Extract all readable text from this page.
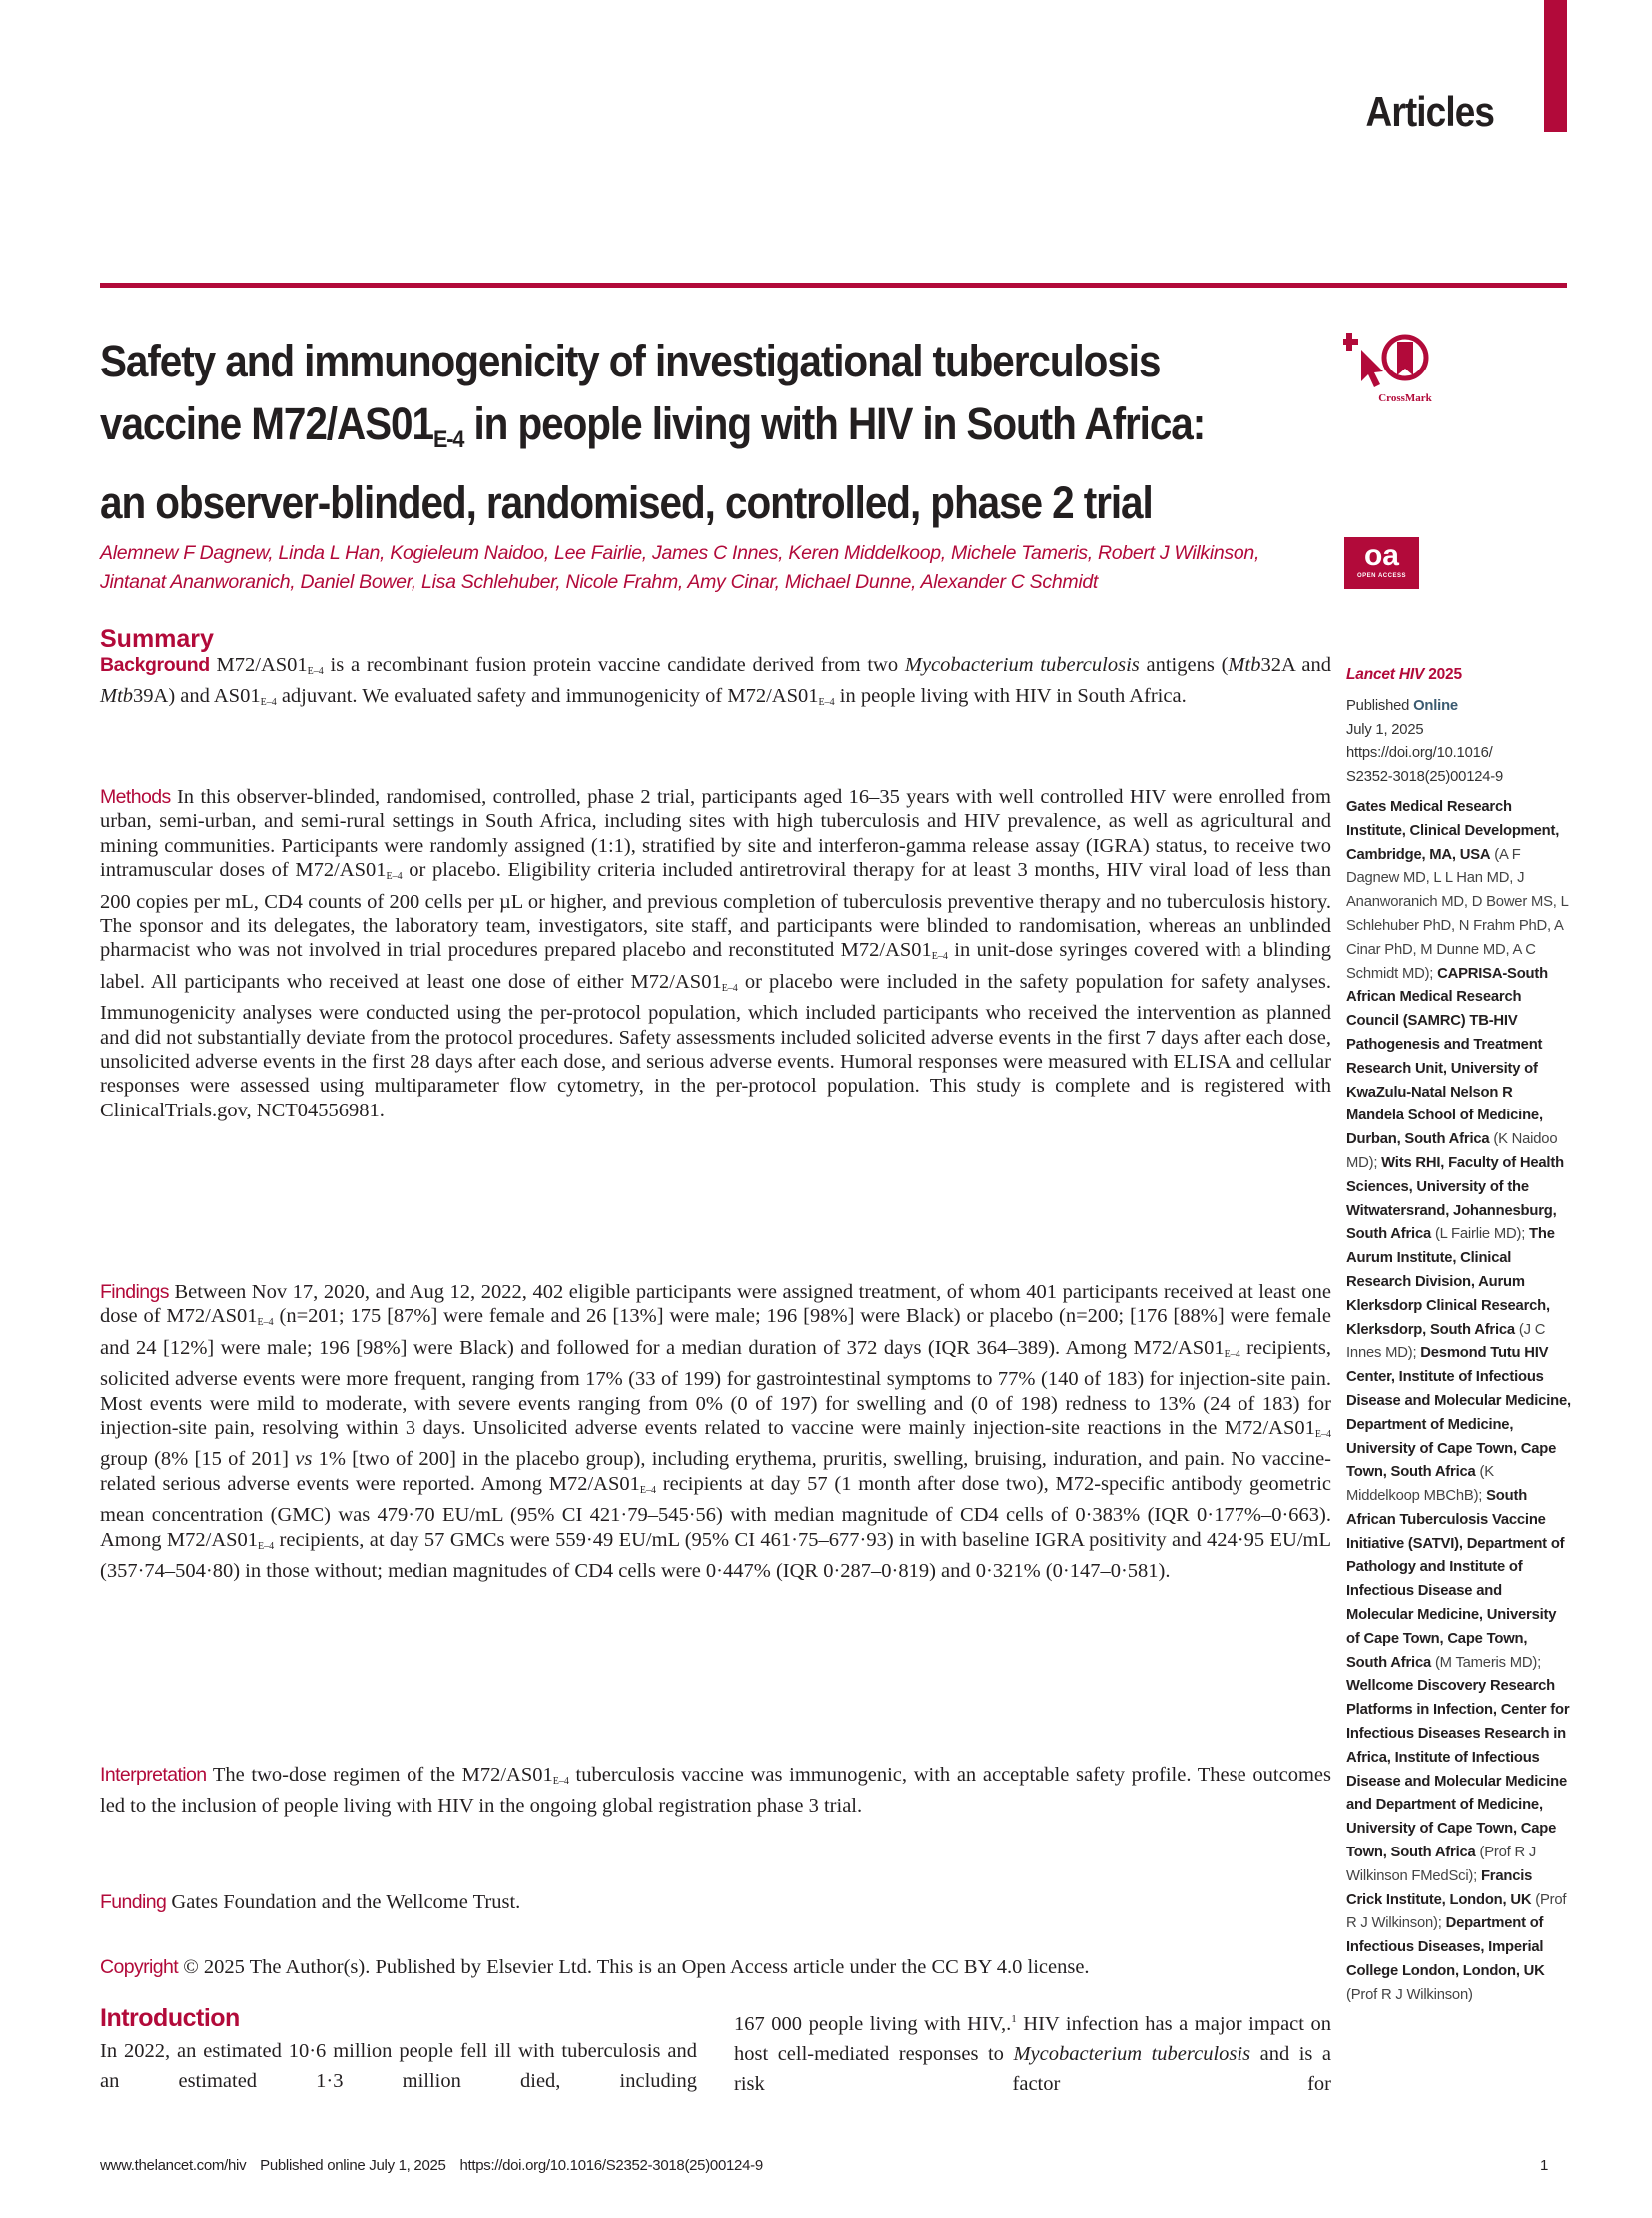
Articles
Safety and immunogenicity of investigational tuberculosis
vaccine $M72/AS01_{E-4}$ in people living with HIV in South Africa:
an observer-blinded, randomised, controlled, phase 2 trial
CrossMark
oa
OPEN ACCESS
Alemnew F Dagnew, Linda L Han, Kogieleum Naidoo, Lee Fairlie, James C Innes, Keren Middelkoop, Michele Tameris, Robert J Wilkinson,
Jintanat Ananworanich, Daniel Bower, Lisa Schlehuber, Nicole Frahm, Amy Cinar, Michael Dunne, Alexander C Schmidt
Summary

Background $M72/AS01_{E-4}$ is a recombinant fusion protein vaccine candidate derived from two Mycobacterium tuberculosis antigens (Mtb32A and Mtb39A) and $AS01_{E-4}$ adjuvant. We evaluated safety and immunogenicity of $M72/AS01_{E-4}$ in people living with HIV in South Africa.

Methods In this observer-blinded, randomised, controlled, phase 2 trial, participants aged 16–35 years with well controlled HIV were enrolled from urban, semi-urban, and semi-rural settings in South Africa, including sites with high tuberculosis and HIV prevalence, as well as agricultural and mining communities. Participants were randomly assigned (1:1), stratified by site and interferon-gamma release assay (IGRA) status, to receive two intramuscular doses of $M72/AS01_{E-4}$ or placebo. Eligibility criteria included antiretroviral therapy for at least 3 months, HIV viral load of less than 200 copies per mL, CD4 counts of 200 cells per µL or higher, and previous completion of tuberculosis preventive therapy and no tuberculosis history. The sponsor and its delegates, the laboratory team, investigators, site staff, and participants were blinded to randomisation, whereas an unblinded pharmacist who was not involved in trial procedures prepared placebo and reconstituted $M72/AS01_{E-4}$ in unit-dose syringes covered with a blinding label. All participants who received at least one dose of either $M72/AS01_{E-4}$ or placebo were included in the safety population for safety analyses. Immunogenicity analyses were conducted using the per-protocol population, which included participants who received the intervention as planned and did not substantially deviate from the protocol procedures. Safety assessments included solicited adverse events in the first 7 days after each dose, unsolicited adverse events in the first 28 days after each dose, and serious adverse events. Humoral responses were measured with ELISA and cellular responses were assessed using multiparameter flow cytometry, in the per-protocol population. This study is complete and is registered with ClinicalTrials.gov, NCT04556981.

Findings Between Nov 17, 2020, and Aug 12, 2022, 402 eligible participants were assigned treatment, of whom 401 participants received at least one dose of $M72/AS01_{E-4}$ (n=201; 175 [87%] were female and 26 [13%] were male; 196 [98%] were Black) or placebo (n=200; [176 [88%] were female and 24 [12%] were male; 196 [98%] were Black) and followed for a median duration of 372 days (IQR 364–389). Among $M72/AS01_{E-4}$ recipients, solicited adverse events were more frequent, ranging from 17% (33 of 199) for gastrointestinal symptoms to 77% (140 of 183) for injection-site pain. Most events were mild to moderate, with severe events ranging from 0% (0 of 197) for swelling and (0 of 198) redness to 13% (24 of 183) for injection-site pain, resolving within 3 days. Unsolicited adverse events related to vaccine were mainly injection-site reactions in the $M72/AS01_{E-4}$ group (8% [15 of 201] vs 1% [two of 200] in the placebo group), including erythema, pruritis, swelling, bruising, induration, and pain. No vaccine-related serious adverse events were reported. Among $M72/AS01_{E-4}$ recipients at day 57 (1 month after dose two), M72-specific antibody geometric mean concentration (GMC) was 479·70 EU/mL (95% CI 421·79–545·56) with median magnitude of CD4 cells of 0·383% (IQR 0·177%–0·663). Among $M72/AS01_{E-4}$ recipients, at day 57 GMCs were 559·49 EU/mL (95% CI 461·75–677·93) in with baseline IGRA positivity and 424·95 EU/mL (357·74–504·80) in those without; median magnitudes of CD4 cells were 0·447% (IQR 0·287–0·819) and 0·321% (0·147–0·581).

Interpretation The two-dose regimen of the $M72/AS01_{E-4}$ tuberculosis vaccine was immunogenic, with an acceptable safety profile. These outcomes led to the inclusion of people living with HIV in the ongoing global registration phase 3 trial.

Funding Gates Foundation and the Wellcome Trust.

Copyright © 2025 The Author(s). Published by Elsevier Ltd. This is an Open Access article under the CC BY 4.0 license.

Introduction

In 2022, an estimated 10·6 million people fell ill with tuberculosis and an estimated 1·3 million died, including

167 000 people living with HIV,.$^1$ HIV infection has a major impact on host cell-mediated responses to Mycobacterium tuberculosis and is a risk factor for

Lancet HIV 2025
Published Online
July 1, 2025
https://doi.org/10.1016/
S2352-3018(25)00124-9
Gates Medical Research Institute, Clinical Development, Cambridge, MA, USA (A F Dagnew MD, L L Han MD, J Ananworanich MD, D Bower MS, L Schlehuber PhD, N Frahm PhD, A Cinar PhD, M Dunne MD, A C Schmidt MD); CAPRISA-South African Medical Research Council (SAMRC) TB-HIV Pathogenesis and Treatment Research Unit, University of KwaZulu-Natal Nelson R Mandela School of Medicine, Durban, South Africa (K Naidoo MD); Wits RHI, Faculty of Health Sciences, University of the Witwatersrand, Johannesburg, South Africa (L Fairlie MD); The Aurum Institute, Clinical Research Division, Aurum Klerksdorp Clinical Research, Klerksdorp, South Africa (J C Innes MD); Desmond Tutu HIV Center, Institute of Infectious Disease and Molecular Medicine, Department of Medicine, University of Cape Town, Cape Town, South Africa (K Middelkoop MBChB); South African Tuberculosis Vaccine Initiative (SATVI), Department of Pathology and Institute of Infectious Disease and Molecular Medicine, University of Cape Town, Cape Town, South Africa (M Tameris MD); Wellcome Discovery Research Platforms in Infection, Center for Infectious Diseases Research in Africa, Institute of Infectious Disease and Molecular Medicine and Department of Medicine, University of Cape Town, Cape Town, South Africa (Prof R J Wilkinson FMedSci); Francis Crick Institute, London, UK (Prof R J Wilkinson); Department of Infectious Diseases, Imperial College London, London, UK (Prof R J Wilkinson)
www.thelancet.com/hiv Published online July 1, 2025 https://doi.org/10.1016/S2352-3018(25)00124-9	1
